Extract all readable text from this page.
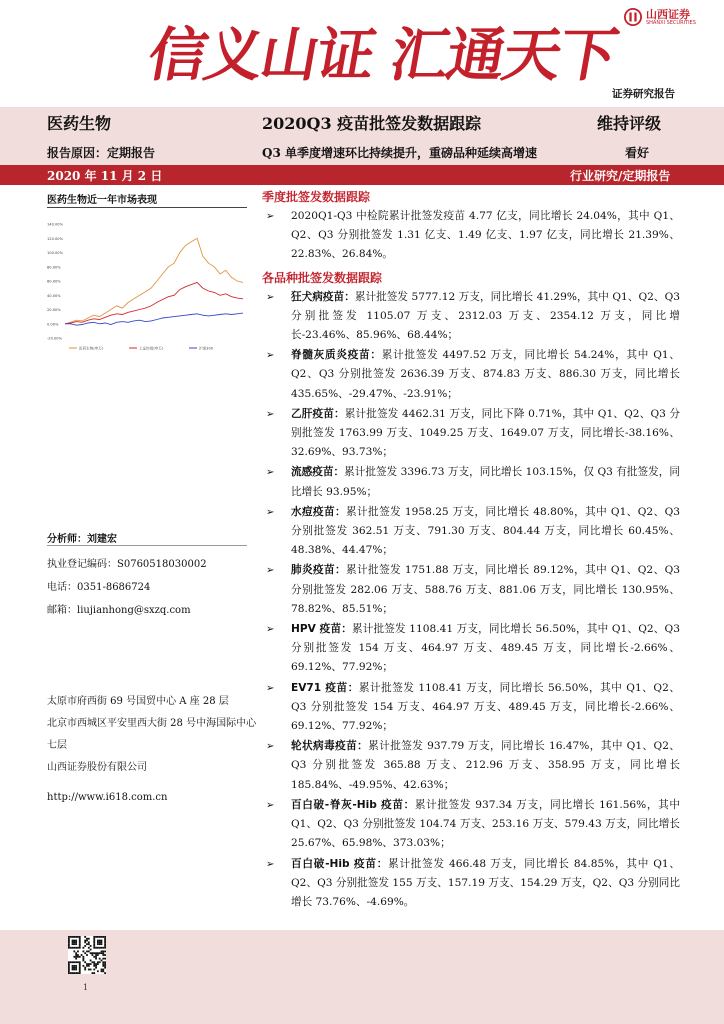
信义山证 汇通天下
山西证券
SHANXI SECURITIES
证券研究报告
医药生物	2020Q3 疫苗批签发数据跟踪	维持评级
报告原因：定期报告	Q3 单季度增速环比持续提升，重磅品种延续高增速	看好
2020 年 11 月 2 日	行业研究/定期报告
医药生物近一年市场表现
140.00%
120.00%
100.00%
80.00%
60.00%
40.00%
20.00%
0.00%
-20.00%
医药生物(申万)	上证综指(申万)	沪深300
分析师：刘建宏
执业登记编码：S0760518030002
电话：0351-8686724
邮箱：liujianhong@sxzq.com
太原市府西街 69 号国贸中心 A 座 28 层
北京市西城区平安里西大街 28 号中海国际中心七层
山西证券股份有限公司
http://www.i618.com.cn
季度批签发数据跟踪
➢ 2020Q1-Q3 中检院累计批签发疫苗 4.77 亿支，同比增长 24.04%，其中 Q1、Q2、Q3 分别批签发 1.31 亿支、1.49 亿支、1.97 亿支，同比增长 21.39%、22.83%、26.84%。
各品种批签发数据跟踪
➢ 狂犬病疫苗：累计批签发 5777.12 万支，同比增长 41.29%，其中 Q1、Q2、Q3 分别批签发 1105.07 万支、2312.03 万支、2354.12 万支，同比增长-23.46%、85.96%、68.44%；
➢ 脊髓灰质炎疫苗：累计批签发 4497.52 万支，同比增长 54.24%，其中 Q1、Q2、Q3 分别批签发 2636.39 万支、874.83 万支、886.30 万支，同比增长 435.65%、-29.47%、-23.91%；
➢ 乙肝疫苗：累计批签发 4462.31 万支，同比下降 0.71%，其中 Q1、Q2、Q3 分别批签发 1763.99 万支、1049.25 万支、1649.07 万支，同比增长-38.16%、32.69%、93.73%；
➢ 流感疫苗：累计批签发 3396.73 万支，同比增长 103.15%，仅 Q3 有批签发，同比增长 93.95%；
➢ 水痘疫苗：累计批签发 1958.25 万支，同比增长 48.80%，其中 Q1、Q2、Q3 分别批签发 362.51 万支、791.30 万支、804.44 万支，同比增长 60.45%、48.38%、44.47%；
➢ 肺炎疫苗：累计批签发 1751.88 万支，同比增长 89.12%，其中 Q1、Q2、Q3 分别批签发 282.06 万支、588.76 万支、881.06 万支，同比增长 130.95%、78.82%、85.51%；
➢ HPV 疫苗：累计批签发 1108.41 万支，同比增长 56.50%，其中 Q1、Q2、Q3 分别批签发 154 万支、464.97 万支、489.45 万支，同比增长-2.66%、69.12%、77.92%；
➢ EV71 疫苗：累计批签发 1108.41 万支，同比增长 56.50%，其中 Q1、Q2、Q3 分别批签发 154 万支、464.97 万支、489.45 万支，同比增长-2.66%、69.12%、77.92%；
➢ 轮状病毒疫苗：累计批签发 937.79 万支，同比增长 16.47%，其中 Q1、Q2、Q3 分别批签发 365.88 万支、212.96 万支、358.95 万支，同比增长 185.84%、-49.95%、42.63%；
➢ 百白破-脊灰-Hib 疫苗：累计批签发 937.34 万支，同比增长 161.56%，其中 Q1、Q2、Q3 分别批签发 104.74 万支、253.16 万支、579.43 万支，同比增长 25.67%、65.98%、373.03%；
➢ 百白破-Hib 疫苗：累计批签发 466.48 万支，同比增长 84.85%，其中 Q1、Q2、Q3 分别批签发 155 万支、157.19 万支、154.29 万支，Q2、Q3 分别同比增长 73.76%、-4.69%。
1
